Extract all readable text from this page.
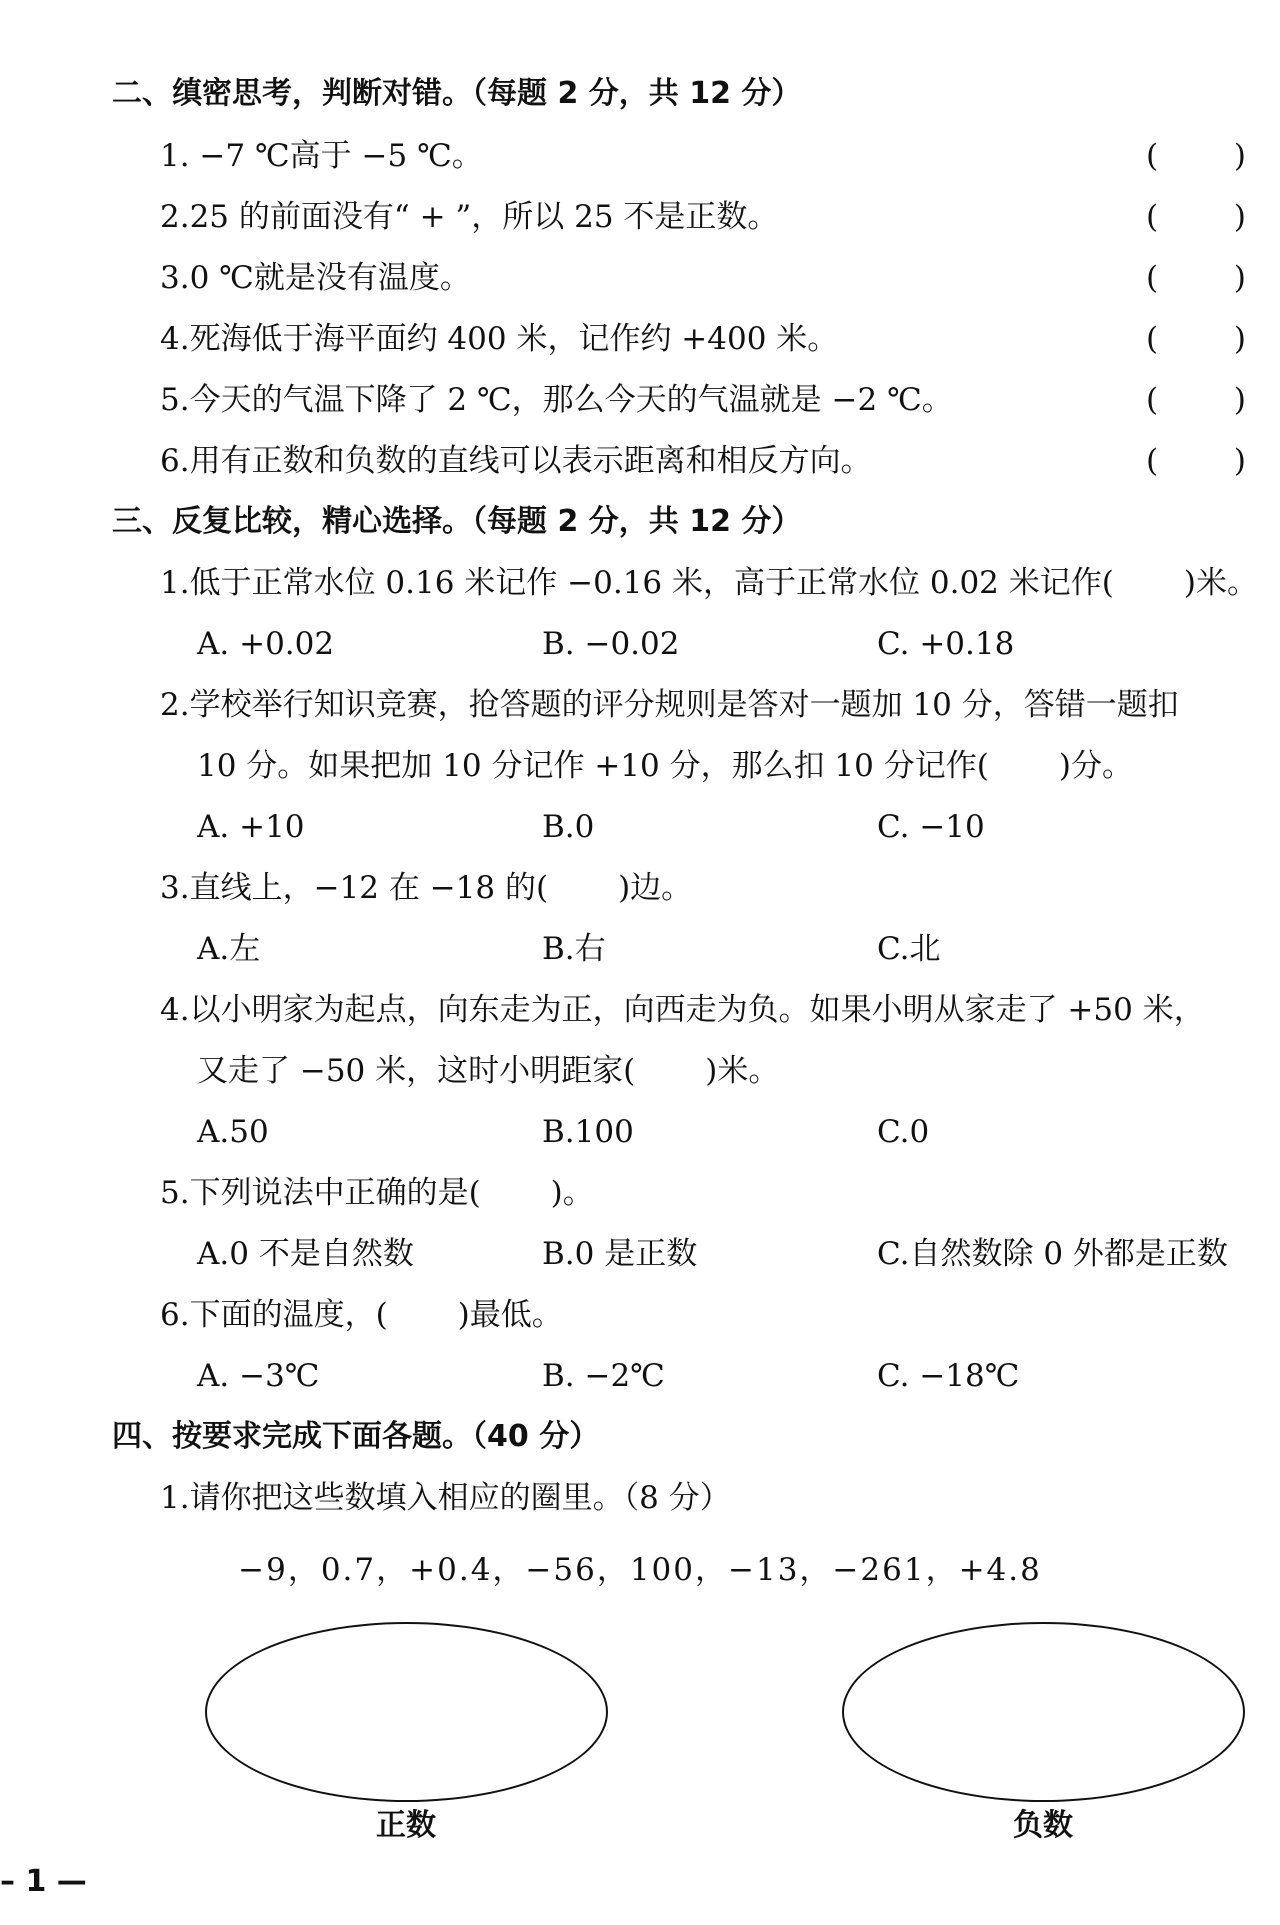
二、缜密思考，判断对错。（每题 2 分，共 12 分）
1. −7 ℃高于 −5 ℃。	( )
2.25 的前面没有“ + ”，所以 25 不是正数。	( )
3.0 ℃就是没有温度。	( )
4.死海低于海平面约 400 米，记作约 +400 米。	( )
5.今天的气温下降了 2 ℃，那么今天的气温就是 −2 ℃。	( )
6.用有正数和负数的直线可以表示距离和相反方向。	( )
三、反复比较，精心选择。（每题 2 分，共 12 分）
1.低于正常水位 0.16 米记作 −0.16 米，高于正常水位 0.02 米记作( )米。
A. +0.02	B. −0.02	C. +0.18
2.学校举行知识竞赛，抢答题的评分规则是答对一题加 10 分，答错一题扣
10 分。如果把加 10 分记作 +10 分，那么扣 10 分记作( )分。
A. +10	B.0	C. −10
3.直线上，−12 在 −18 的( )边。
A.左	B.右	C.北
4.以小明家为起点，向东走为正，向西走为负。如果小明从家走了 +50 米，
又走了 −50 米，这时小明距家( )米。
A.50	B.100	C.0
5.下列说法中正确的是( )。
A.0 不是自然数	B.0 是正数	C.自然数除 0 外都是正数
6.下面的温度，( )最低。
A. −3℃	B. −2℃	C. −18℃
四、按要求完成下面各题。（40 分）
1.请你把这些数填入相应的圈里。（8 分）
−9，0.7，+0.4，−56，100，−13，−261，+4.8
正数	负数
– 1 —
